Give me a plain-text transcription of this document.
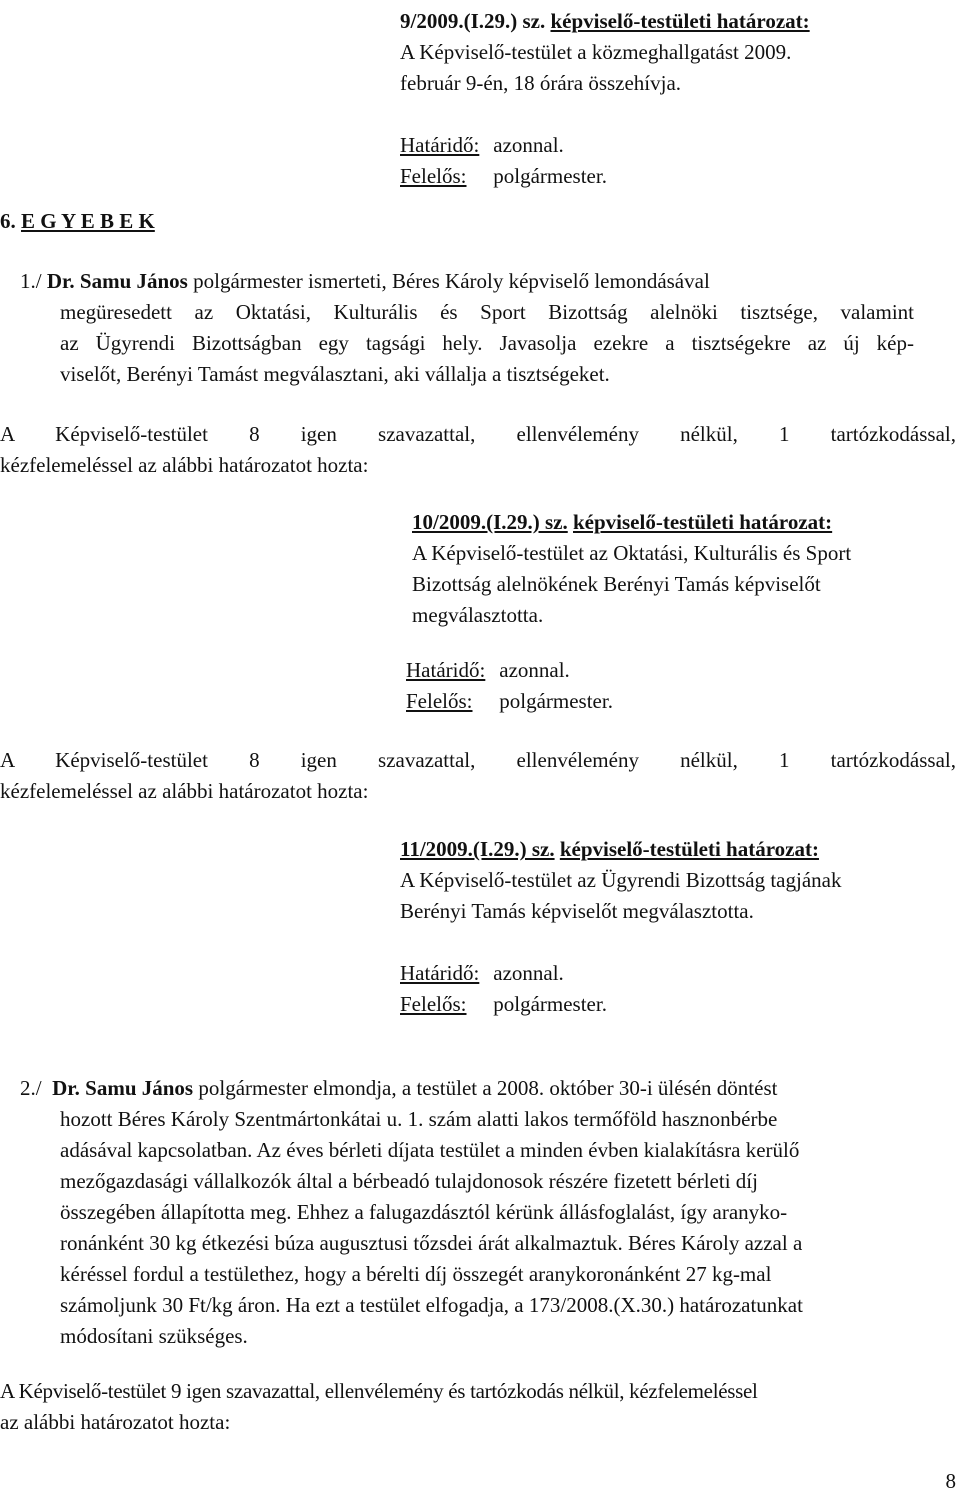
9/2009.(I.29.) sz. képviselő-testületi határozat:
A Képviselő-testület a közmeghallgatást 2009.
február 9-én, 18 órára összehívja.
Határidő: azonnal.
Felelős: polgármester.
6. E G Y E B E K
1./ Dr. Samu János polgármester ismerteti, Béres Károly képviselő lemondásával
megüresedett az Oktatási, Kulturális és Sport Bizottság alelnöki tisztsége, valamint
az Ügyrendi Bizottságban egy tagsági hely. Javasolja ezekre a tisztségekre az új kép-
viselőt, Berényi Tamást megválasztani, aki vállalja a tisztségeket.
A Képviselő-testület 8 igen szavazattal, ellenvélemény nélkül, 1 tartózkodással,
kézfelemeléssel az alábbi határozatot hozta:
10/2009.(I.29.) sz. képviselő-testületi határozat:
A Képviselő-testület az Oktatási, Kulturális és Sport
Bizottság alelnökének Berényi Tamás képviselőt
megválasztotta.
Határidő: azonnal.
Felelős: polgármester.
A Képviselő-testület 8 igen szavazattal, ellenvélemény nélkül, 1 tartózkodással,
kézfelemeléssel az alábbi határozatot hozta:
11/2009.(I.29.) sz. képviselő-testületi határozat:
A Képviselő-testület az Ügyrendi Bizottság tagjának
Berényi Tamás képviselőt megválasztotta.
Határidő: azonnal.
Felelős: polgármester.
2./ Dr. Samu János polgármester elmondja, a testület a 2008. október 30-i ülésén döntést
hozott Béres Károly Szentmártonkátai u. 1. szám alatti lakos termőföld hasznonbérbe
adásával kapcsolatban. Az éves bérleti díjata testület a minden évben kialakításra kerülő
mezőgazdasági vállalkozók által a bérbeadó tulajdonosok részére fizetett bérleti díj
összegében állapította meg. Ehhez a falugazdásztól kérünk állásfoglalást, így aranyko-
ronánként 30 kg étkezési búza augusztusi tőzsdei árát alkalmaztuk. Béres Károly azzal a
kéréssel fordul a testülethez, hogy a bérelti díj összegét aranykoronánként 27 kg-mal
számoljunk 30 Ft/kg áron. Ha ezt a testület elfogadja, a 173/2008.(X.30.) határozatunkat
módosítani szükséges.
A Képviselő-testület 9 igen szavazattal, ellenvélemény és tartózkodás nélkül, kézfelemeléssel
az alábbi határozatot hozta:
8
